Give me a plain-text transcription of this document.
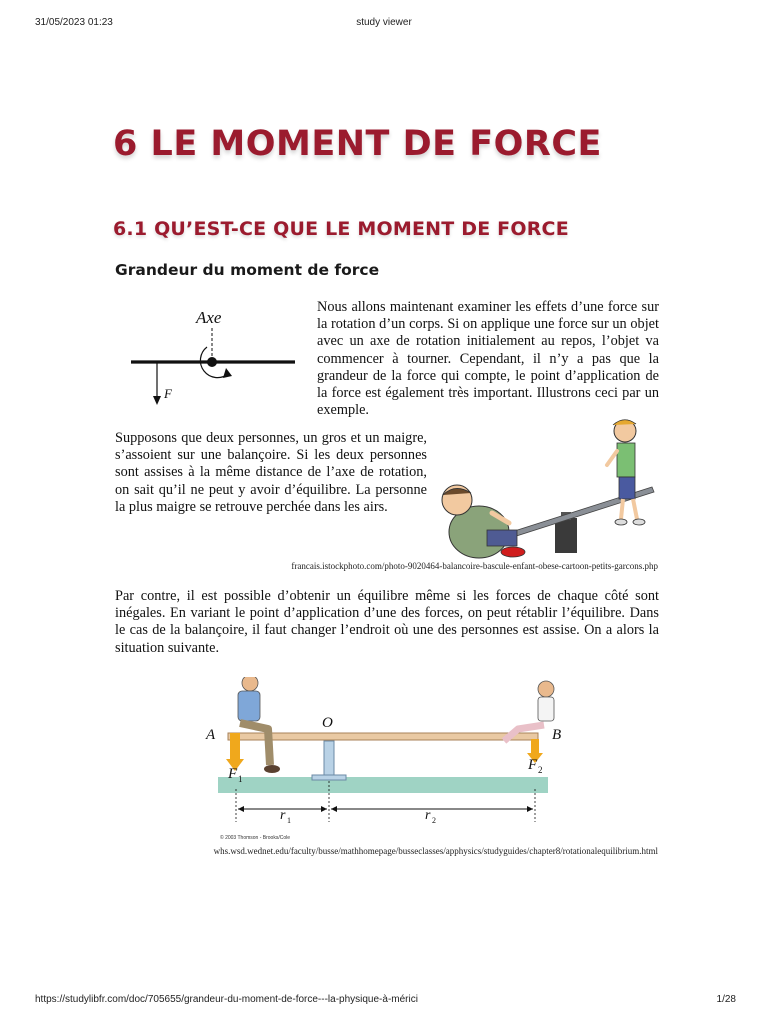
31/05/2023 01:23	study viewer
6 LE MOMENT DE FORCE
6.1 QU’EST-CE QUE LE MOMENT DE FORCE
Grandeur du moment de force
Axe
F

Nous allons maintenant examiner les effets d’une force sur la rotation d’un corps. Si on applique une force sur un objet avec un axe de rotation initialement au repos, l’objet va commencer à tourner. Cependant, il n’y a pas que la grandeur de la force qui compte, le point d’application de la force est également très important. Illustrons ceci par un exemple.

Supposons que deux personnes, un gros et un maigre, s’assoient sur une balançoire. Si les deux personnes sont assises à la même distance de l’axe de rotation, on sait qu’il ne peut y avoir d’équilibre. La personne la plus maigre se retrouve perchée dans les airs.

francais.istockphoto.com/photo-9020464-balancoire-bascule-enfant-obese-cartoon-petits-garcons.php

Par contre, il est possible d’obtenir un équilibre même si les forces de chaque côté sont inégales. En variant le point d’application d’une des forces, on peut rétablir l’équilibre. Dans le cas de la balançoire, il faut changer l’endroit où une des personnes est assise. On a alors la situation suivante.

A	B
O
F 1
F 2
r 1	r 2
© 2003 Thomson - Brooks/Cole
whs.wsd.wednet.edu/faculty/busse/mathhomepage/busseclasses/apphysics/studyguides/chapter8/rotationalequilibrium.html
https://studylibfr.com/doc/705655/grandeur-du-moment-de-force---la-physique-à-mérici	1/28
